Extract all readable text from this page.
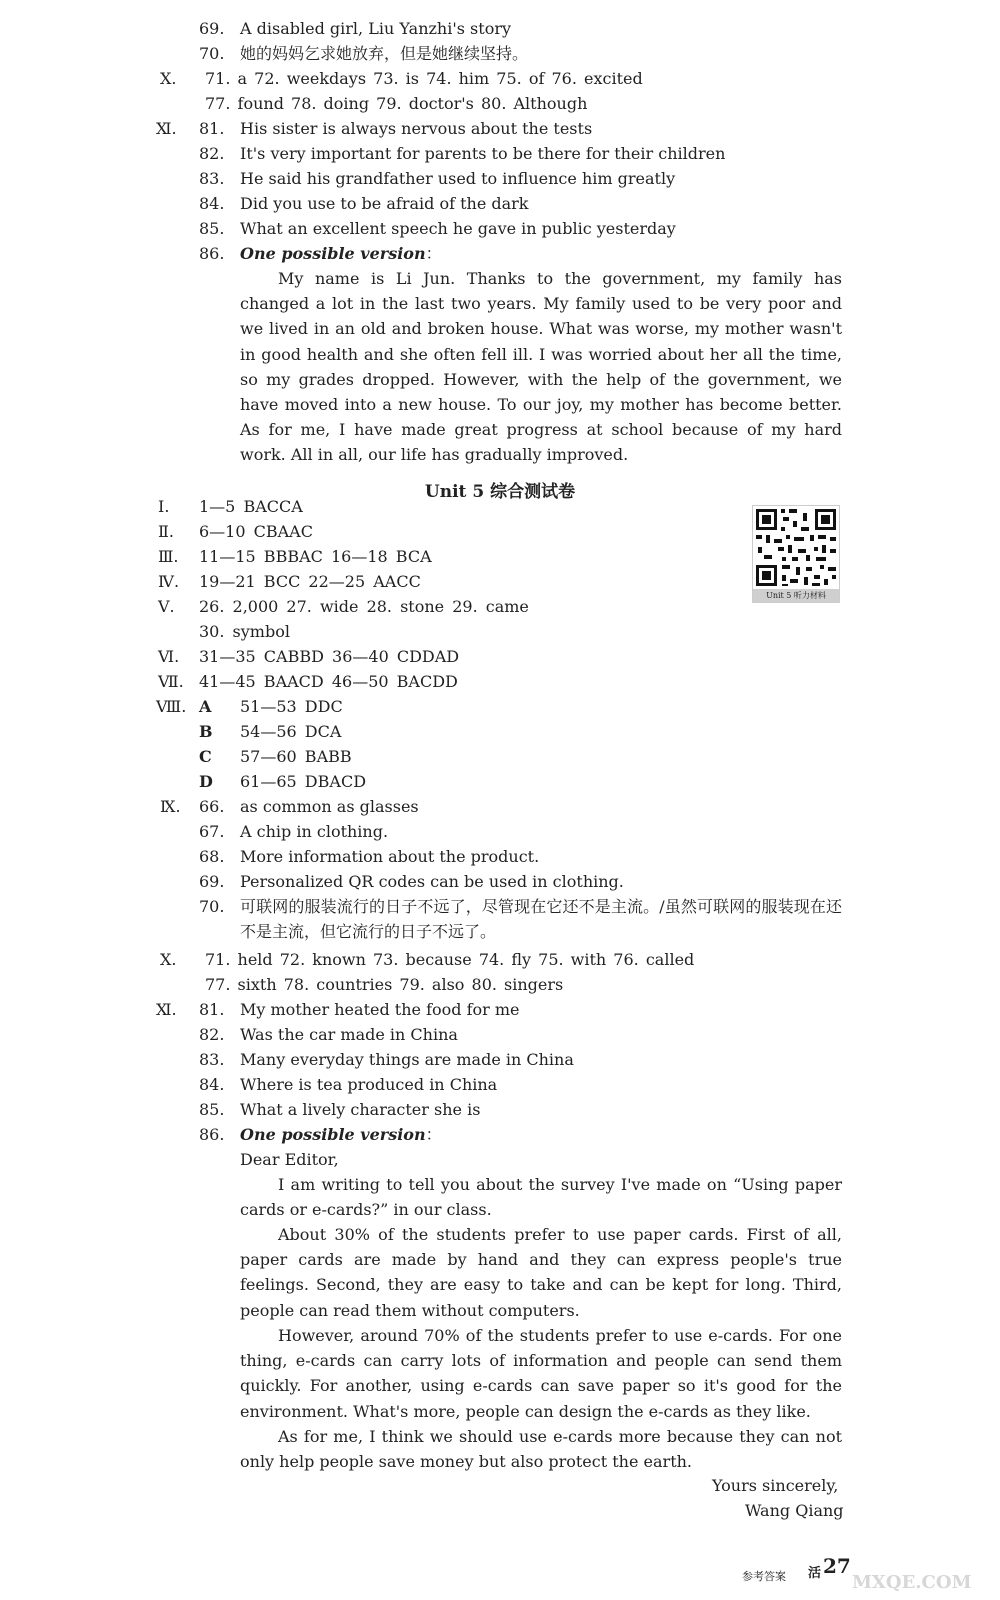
69. A disabled girl, Liu Yanzhi's story
70. 她的妈妈乞求她放弃，但是她继续坚持。
Ⅹ. 71. a 72. weekdays 73. is 74. him 75. of 76. excited
77. found 78. doing 79. doctor's 80. Although
Ⅺ. 81. His sister is always nervous about the tests
82. It's very important for parents to be there for their children
83. He said his grandfather used to influence him greatly
84. Did you use to be afraid of the dark
85. What an excellent speech he gave in public yesterday
86. One possible version：
My name is Li Jun. Thanks to the government, my family has changed a lot in the last two years. My family used to be very poor and we lived in an old and broken house. What was worse, my mother wasn't in good health and she often fell ill. I was worried about her all the time, so my grades dropped. However, with the help of the government, we have moved into a new house. To our joy, my mother has become better. As for me, I have made great progress at school because of my hard work. All in all, our life has gradually improved.
Unit 5 综合测试卷
Unit 5 听力材料
Ⅰ. 1—5 BACCA
Ⅱ. 6—10 CBAAC
Ⅲ. 11—15 BBBAC 16—18 BCA
Ⅳ. 19—21 BCC 22—25 AACC
Ⅴ. 26. 2,000 27. wide 28. stone 29. came
30. symbol
Ⅵ. 31—35 CABBD 36—40 CDDAD
Ⅶ. 41—45 BAACD 46—50 BACDD
Ⅷ. A 51—53 DDC
B 54—56 DCA
C 57—60 BABB
D 61—65 DBACD
Ⅸ. 66. as common as glasses
67. A chip in clothing.
68. More information about the product.
69. Personalized QR codes can be used in clothing.
70. 可联网的服装流行的日子不远了，尽管现在它还不是主流。/虽然可联网的服装现在还不是主流，但它流行的日子不远了。
Ⅹ. 71. held 72. known 73. because 74. fly 75. with 76. called
77. sixth 78. countries 79. also 80. singers
Ⅺ. 81. My mother heated the food for me
82. Was the car made in China
83. Many everyday things are made in China
84. Where is tea produced in China
85. What a lively character she is
86. One possible version：
Dear Editor,
I am writing to tell you about the survey I've made on “Using paper cards or e-cards?” in our class.
About 30% of the students prefer to use paper cards. First of all, paper cards are made by hand and they can express people's true feelings. Second, they are easy to take and can be kept for long. Third, people can read them without computers.
However, around 70% of the students prefer to use e-cards. For one thing, e-cards can carry lots of information and people can send them quickly. For another, using e-cards can save paper so it's good for the environment. What's more, people can design the e-cards as they like.
As for me, I think we should use e-cards more because they can not only help people save money but also protect the earth.
Yours sincerely,
Wang Qiang
参考答案 活 27
MXQE.COM
